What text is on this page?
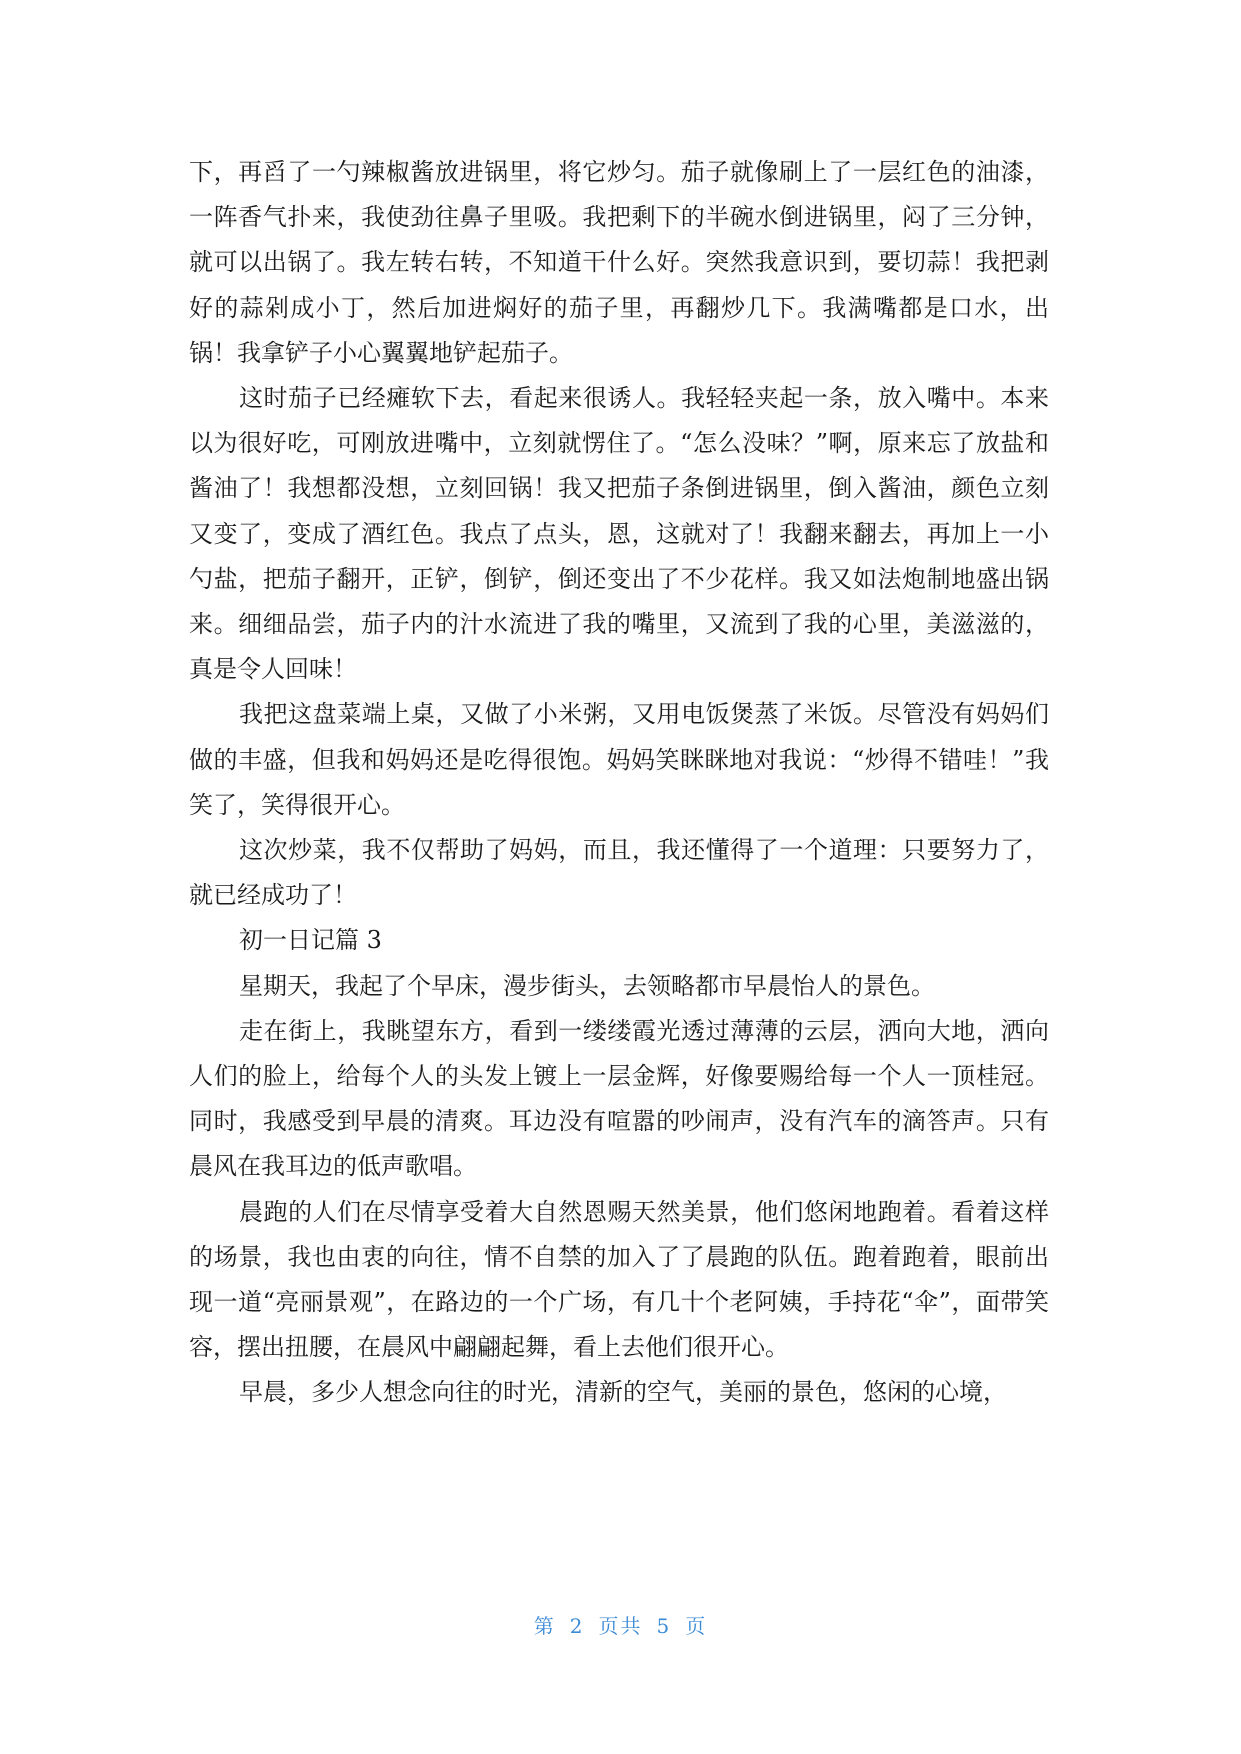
下，再舀了一勺辣椒酱放进锅里，将它炒匀。茄子就像刷上了一层红色的油漆，一阵香气扑来，我使劲往鼻子里吸。我把剩下的半碗水倒进锅里，闷了三分钟，就可以出锅了。我左转右转，不知道干什么好。突然我意识到，要切蒜！我把剥好的蒜剁成小丁，然后加进焖好的茄子里，再翻炒几下。我满嘴都是口水，出锅！我拿铲子小心翼翼地铲起茄子。

这时茄子已经瘫软下去，看起来很诱人。我轻轻夹起一条，放入嘴中。本来以为很好吃，可刚放进嘴中，立刻就愣住了。“怎么没味？”啊，原来忘了放盐和酱油了！我想都没想，立刻回锅！我又把茄子条倒进锅里，倒入酱油，颜色立刻又变了，变成了酒红色。我点了点头，恩，这就对了！我翻来翻去，再加上一小勺盐，把茄子翻开，正铲，倒铲，倒还变出了不少花样。我又如法炮制地盛出锅来。细细品尝，茄子内的汁水流进了我的嘴里，又流到了我的心里，美滋滋的，真是令人回味！

我把这盘菜端上桌，又做了小米粥，又用电饭煲蒸了米饭。尽管没有妈妈们做的丰盛，但我和妈妈还是吃得很饱。妈妈笑眯眯地对我说：“炒得不错哇！”我笑了，笑得很开心。

这次炒菜，我不仅帮助了妈妈，而且，我还懂得了一个道理：只要努力了，就已经成功了！

初一日记篇 3

星期天，我起了个早床，漫步街头，去领略都市早晨怡人的景色。

走在街上，我眺望东方，看到一缕缕霞光透过薄薄的云层，洒向大地，洒向人们的脸上，给每个人的头发上镀上一层金辉，好像要赐给每一个人一顶桂冠。同时，我感受到早晨的清爽。耳边没有喧嚣的吵闹声，没有汽车的滴答声。只有晨风在我耳边的低声歌唱。

晨跑的人们在尽情享受着大自然恩赐天然美景，他们悠闲地跑着。看着这样的场景，我也由衷的向往，情不自禁的加入了了晨跑的队伍。跑着跑着，眼前出现一道“亮丽景观”，在路边的一个广场，有几十个老阿姨，手持花“伞”，面带笑容，摆出扭腰，在晨风中翩翩起舞，看上去他们很开心。

早晨，多少人想念向往的时光，清新的空气，美丽的景色，悠闲的心境，

第 2 页共 5 页
